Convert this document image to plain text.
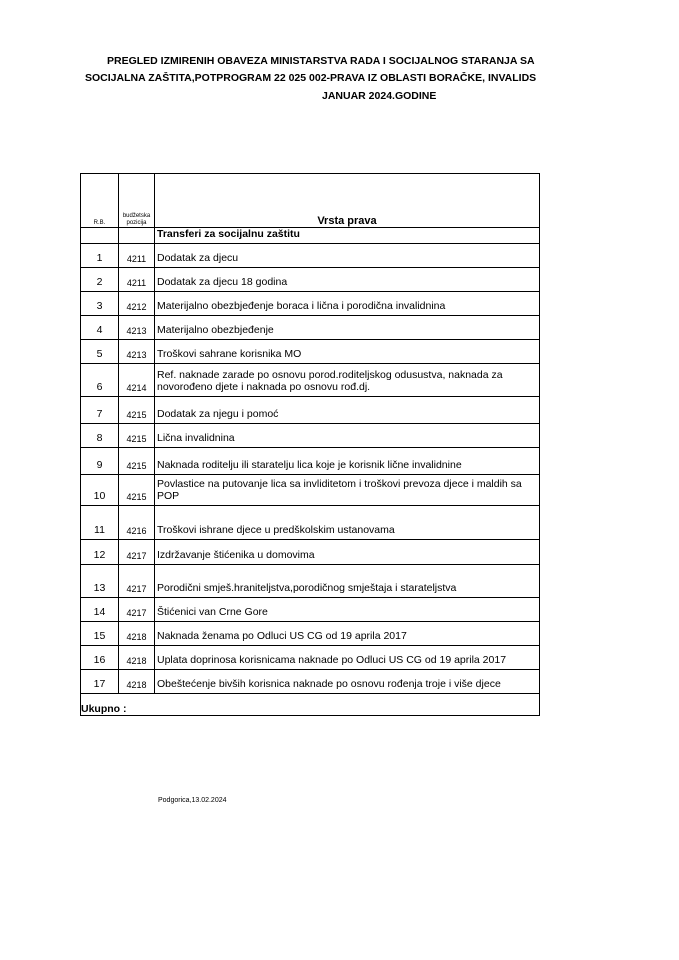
PREGLED IZMIRENIH OBAVEZA MINISTARSTVA RADA I SOCIJALNOG STARANJA SA
SOCIJALNA ZAŠTITA,POTPROGRAM 22 025 002-PRAVA IZ OBLASTI BORAČKE, INVALIDS
JANUAR 2024.GODINE
R.B.	budžetska pozicija	Vrsta prava
		Transferi za socijalnu zaštitu
1	4211	Dodatak za djecu
2	4211	Dodatak za djecu 18 godina
3	4212	Materijalno obezbjeđenje boraca i lična i porodična invalidnina
4	4213	Materijalno obezbjeđenje
5	4213	Troškovi sahrane korisnika MO
6	4214	Ref. naknade zarade po osnovu porod.roditeljskog odusustva, naknada za novorođeno djete i naknada po osnovu rođ.dj.
7	4215	Dodatak za njegu i pomoć
8	4215	Lična invalidnina
9	4215	Naknada roditelju ili staratelju lica koje je korisnik lične invalidnine
10	4215	Povlastice na putovanje lica sa invliditetom i troškovi prevoza djece i maldih sa POP
11	4216	Troškovi ishrane djece u predškolskim ustanovama
12	4217	Izdržavanje štićenika u domovima
13	4217	Porodični smješ.hraniteljstva,porodičnog smještaja i starateljstva
14	4217	Štićenici van Crne Gore
15	4218	Naknada ženama po Odluci US CG od 19 aprila 2017
16	4218	Uplata doprinosa korisnicama naknade po Odluci US CG od 19 aprila 2017
17	4218	Obeštećenje bivših korisnica naknade po osnovu rođenja troje i više djece
Ukupno :		
Podgorica,13.02.2024
